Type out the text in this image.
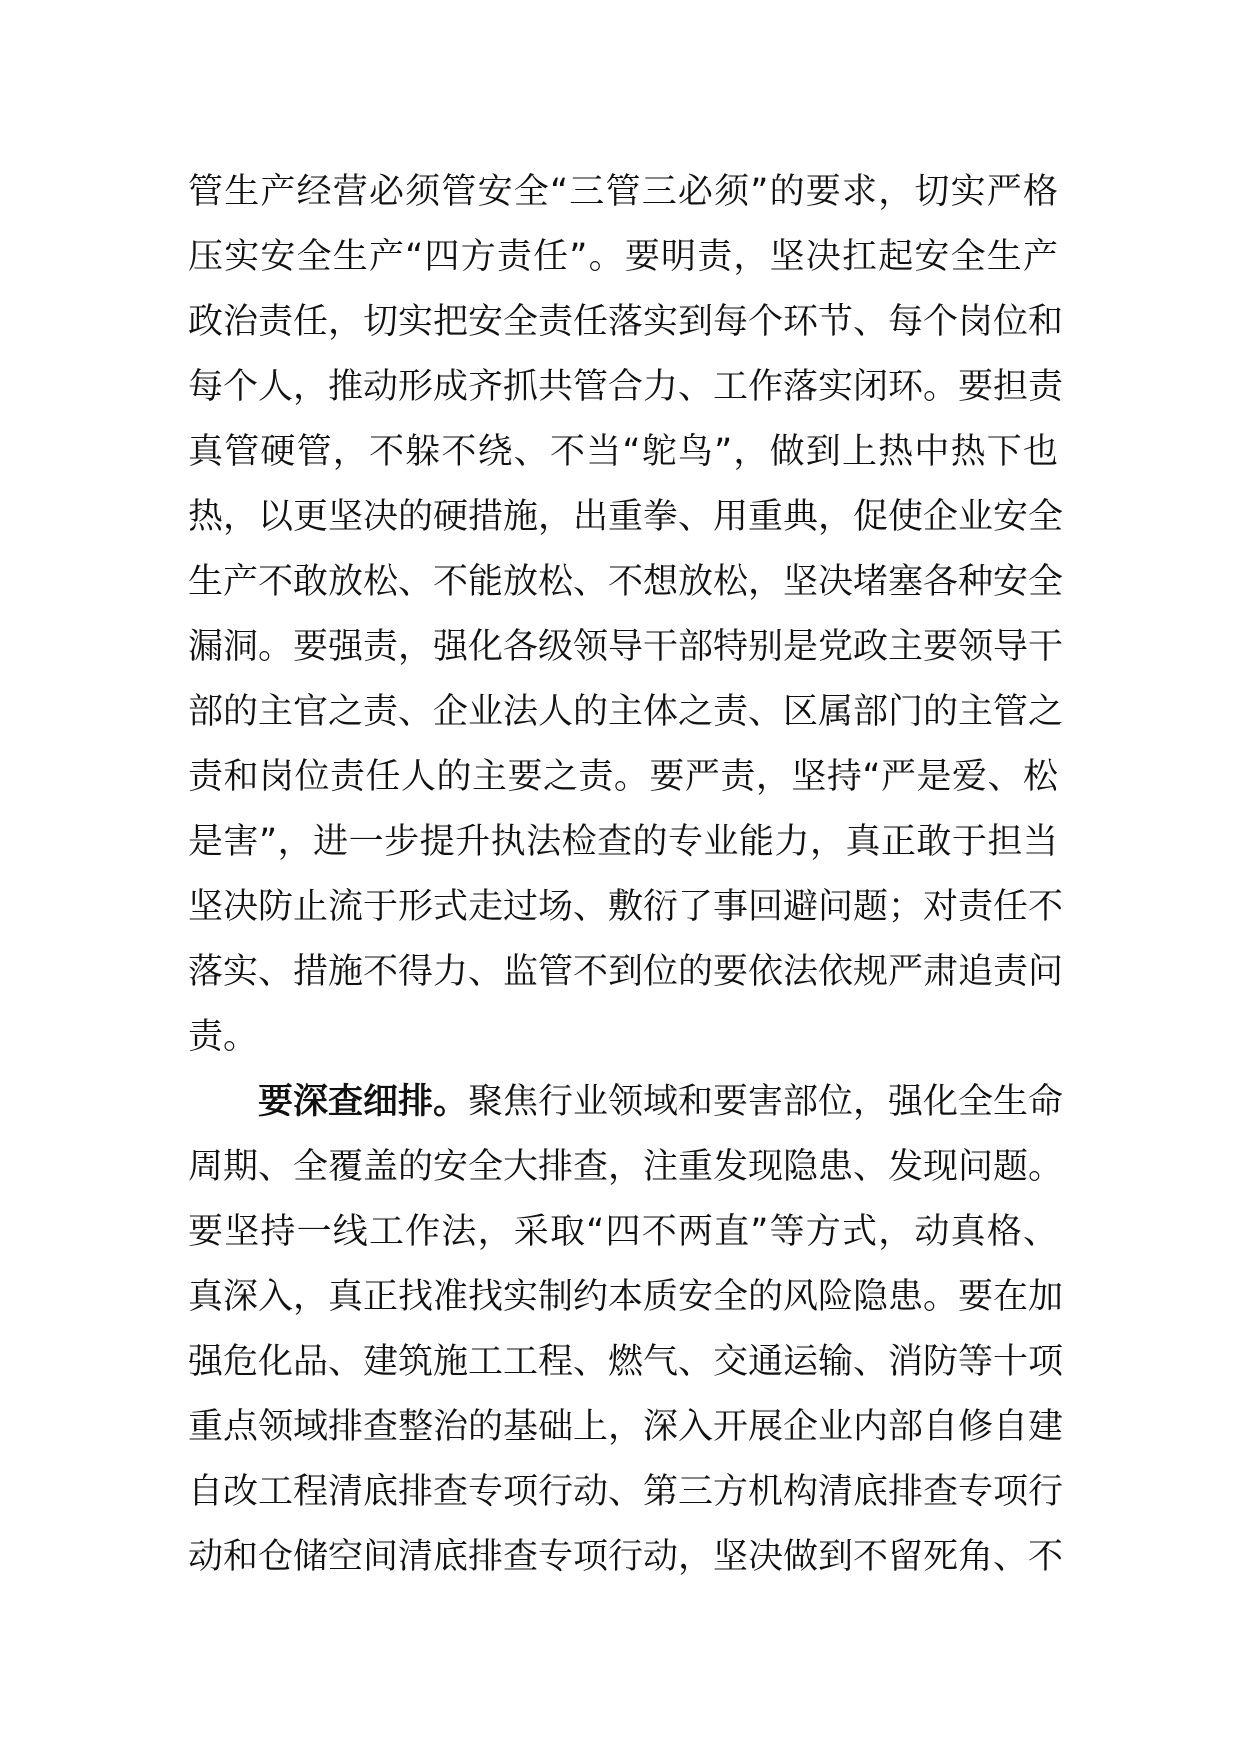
管生产经营必须管安全“三管三必须”的要求，切实严格
压实安全生产“四方责任”。要明责，坚决扛起安全生产
政治责任，切实把安全责任落实到每个环节、每个岗位和
每个人，推动形成齐抓共管合力、工作落实闭环。要担责
真管硬管，不躲不绕、不当“鸵鸟”，做到上热中热下也
热，以更坚决的硬措施，出重拳、用重典，促使企业安全
生产不敢放松、不能放松、不想放松，坚决堵塞各种安全
漏洞。要强责，强化各级领导干部特别是党政主要领导干
部的主官之责、企业法人的主体之责、区属部门的主管之
责和岗位责任人的主要之责。要严责，坚持“严是爱、松
是害”，进一步提升执法检查的专业能力，真正敢于担当
坚决防止流于形式走过场、敷衍了事回避问题；对责任不
落实、措施不得力、监管不到位的要依法依规严肃追责问
责。
要深查细排。聚焦行业领域和要害部位，强化全生命
周期、全覆盖的安全大排查，注重发现隐患、发现问题。
要坚持一线工作法，采取“四不两直”等方式，动真格、
真深入，真正找准找实制约本质安全的风险隐患。要在加
强危化品、建筑施工工程、燃气、交通运输、消防等十项
重点领域排查整治的基础上，深入开展企业内部自修自建
自改工程清底排查专项行动、第三方机构清底排查专项行
动和仓储空间清底排查专项行动，坚决做到不留死角、不
